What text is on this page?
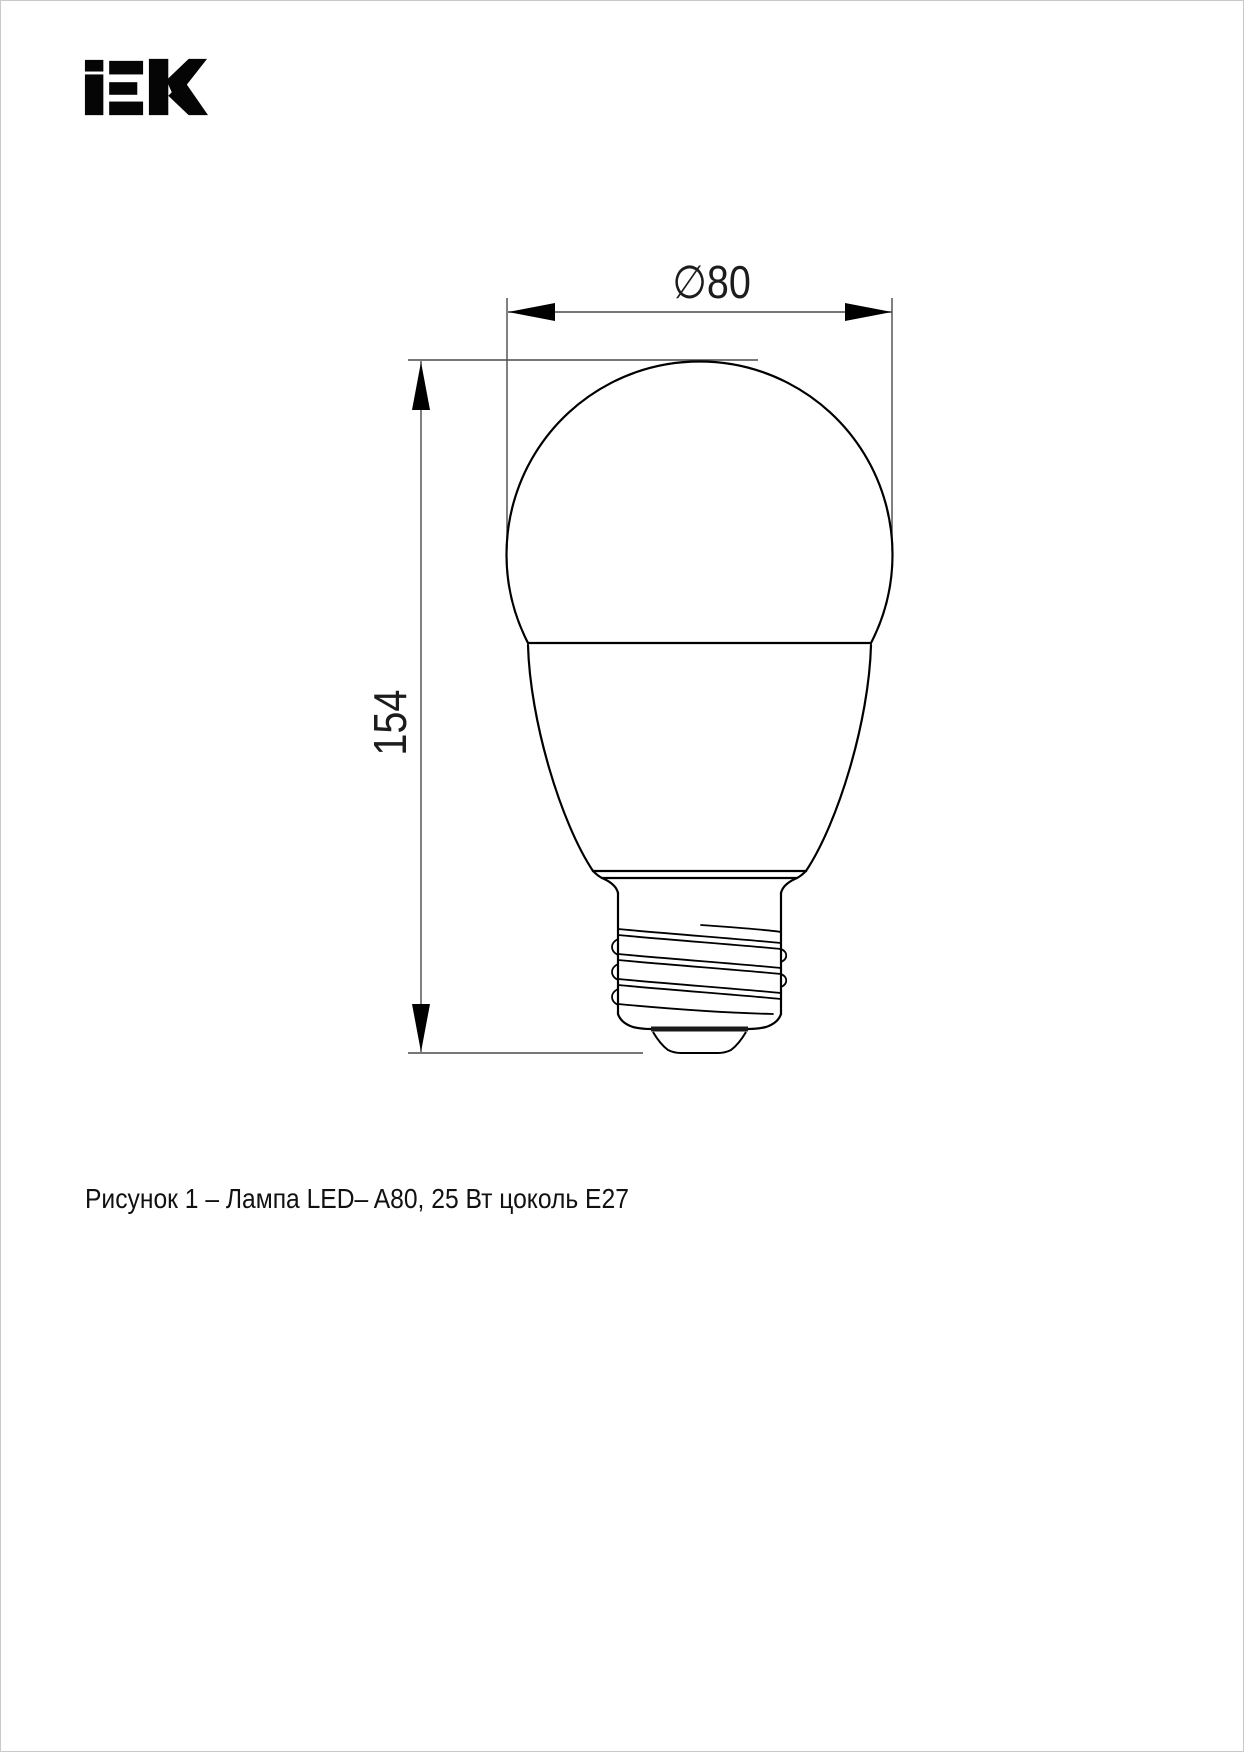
∅80
154
Рисунок 1 – Лампа LED– A80, 25 Вт цоколь Е27
